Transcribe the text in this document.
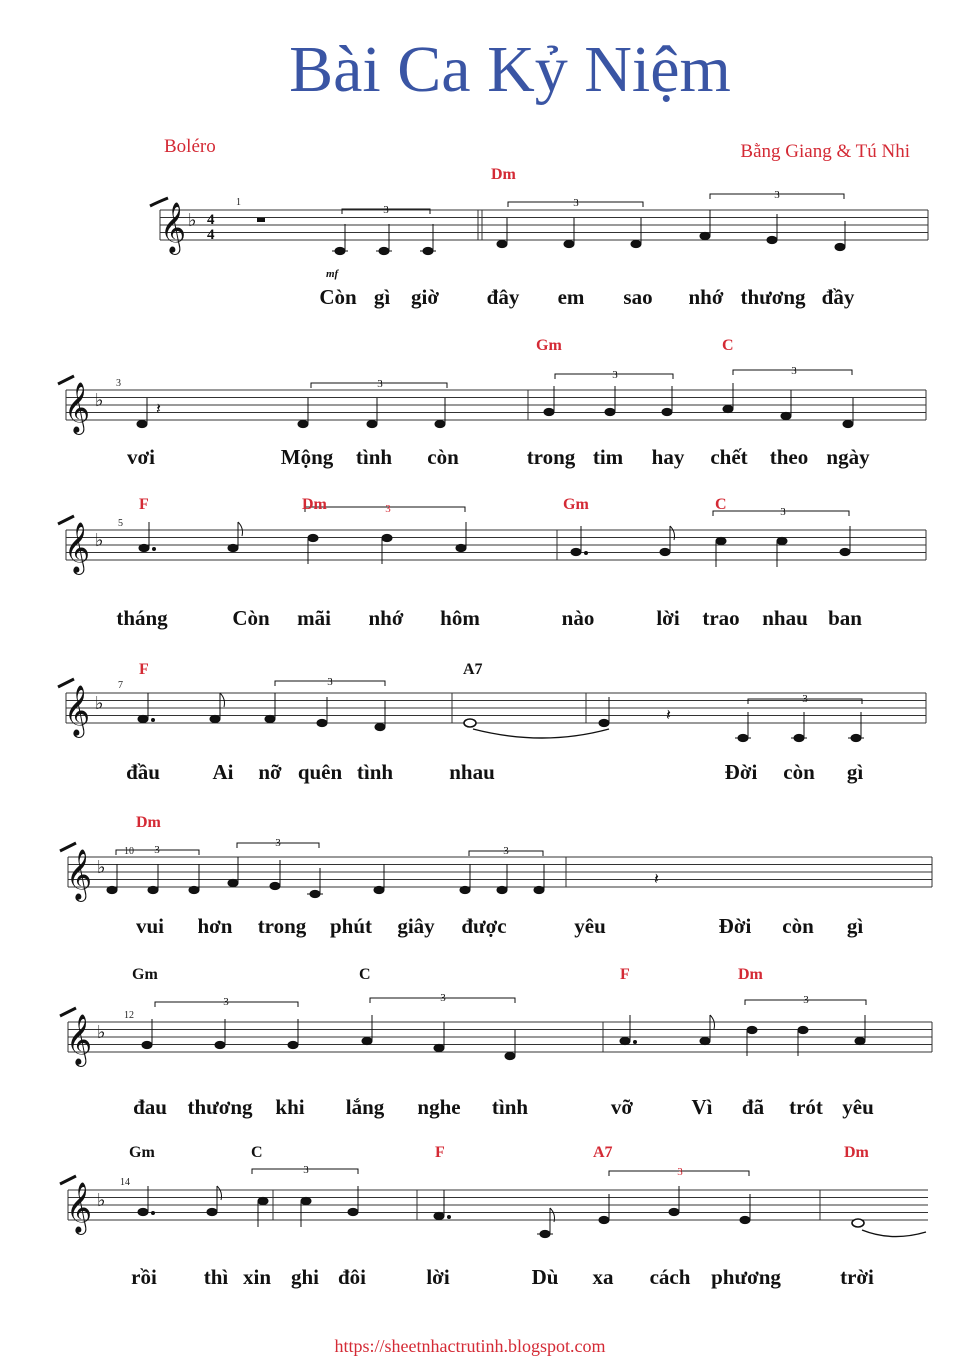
Bài Ca Kỷ Niệm
Boléro	Bằng Giang & Tú Nhi
𝄞 ♭ 4
4
3
3
3
1
Dm
mf
Còn gì giờ đây em sao nhớ thương đầy
𝄞 ♭	𝄽
3
3	3
3
Gm	C
vơi	Mộng tình còn	trong tim hay chết theo ngày
𝄞 ♭
3	3
5
F	Dm	Gm	C
tháng	Còn mãi nhớ hôm	nào	lời trao nhau ban
𝄞 ♭
𝄽
3
3
7
F	A7
đầu	Ai nỡ quên tình	nhau	Đời còn gì
𝄞 ♭
𝄽
3
3
3
10
Dm
vui hơn trong phút giây được	yêu	Đời còn gì
𝄞 ♭
3	3	3
12
Gm	C	F	Dm
đau thương khi lắng nghe tình	vỡ	Vì đã trót yêu
𝄞 ♭
3	3
14
Gm	C	F	A7	Dm
rồi thì xin ghi đôi	lời	Dù xa cách phương	trời
https://sheetnhactrutinh.blogspot.com
